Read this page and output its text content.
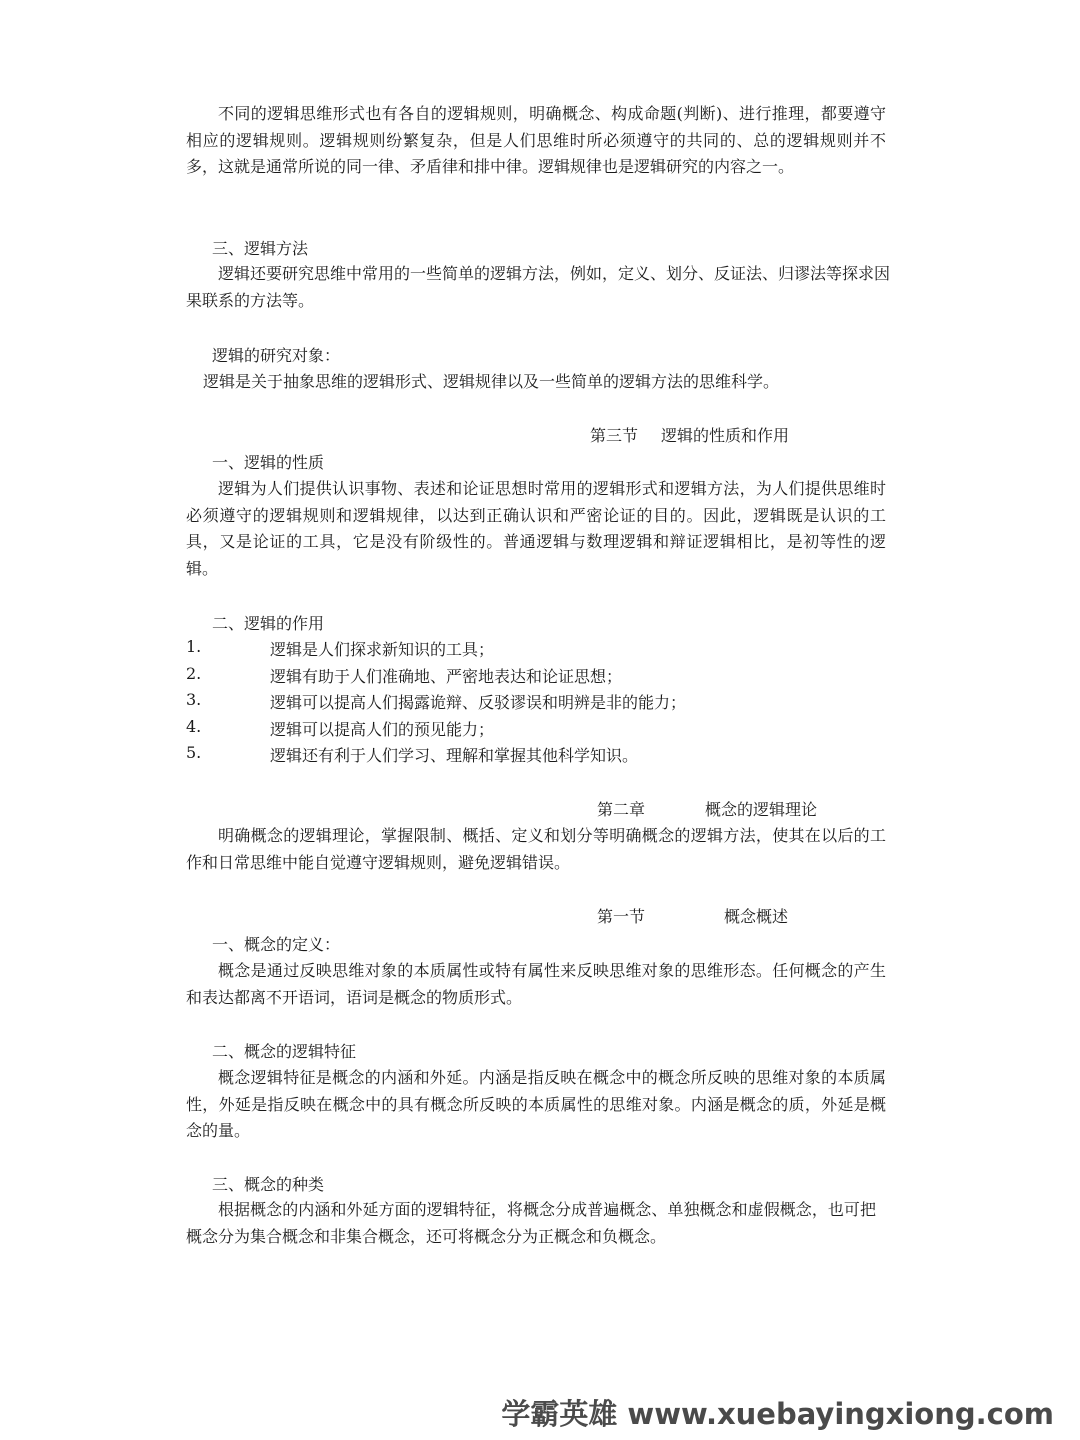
不同的逻辑思维形式也有各自的逻辑规则，明确概念、构成命题(判断)、进行推理，都要遵守相应的逻辑规则。逻辑规则纷繁复杂，但是人们思维时所必须遵守的共同的、总的逻辑规则并不多，这就是通常所说的同一律、矛盾律和排中律。逻辑规律也是逻辑研究的内容之一。

三、逻辑方法

逻辑还要研究思维中常用的一些简单的逻辑方法，例如，定义、划分、反证法、归谬法等探求因果联系的方法等。

逻辑的研究对象：

逻辑是关于抽象思维的逻辑形式、逻辑规律以及一些简单的逻辑方法的思维科学。

第三节 逻辑的性质和作用

一、逻辑的性质

逻辑为人们提供认识事物、表述和论证思想时常用的逻辑形式和逻辑方法，为人们提供思维时必须遵守的逻辑规则和逻辑规律，以达到正确认识和严密论证的目的。因此，逻辑既是认识的工具，又是论证的工具，它是没有阶级性的。普通逻辑与数理逻辑和辩证逻辑相比，是初等性的逻辑。

二、逻辑的作用

1.	逻辑是人们探求新知识的工具；

2.	逻辑有助于人们准确地、严密地表达和论证思想；

3.	逻辑可以提高人们揭露诡辩、反驳谬误和明辨是非的能力；

4.	逻辑可以提高人们的预见能力；

5.	逻辑还有利于人们学习、理解和掌握其他科学知识。

第二章	概念的逻辑理论

明确概念的逻辑理论，掌握限制、概括、定义和划分等明确概念的逻辑方法，使其在以后的工作和日常思维中能自觉遵守逻辑规则，避免逻辑错误。

第一节	概念概述

一、概念的定义：

概念是通过反映思维对象的本质属性或特有属性来反映思维对象的思维形态。任何概念的产生和表达都离不开语词，语词是概念的物质形式。

二、概念的逻辑特征

概念逻辑特征是概念的内涵和外延。内涵是指反映在概念中的概念所反映的思维对象的本质属性，外延是指反映在概念中的具有概念所反映的本质属性的思维对象。内涵是概念的质，外延是概念的量。

三、概念的种类

根据概念的内涵和外延方面的逻辑特征，将概念分成普遍概念、单独概念和虚假概念，也可把概念分为集合概念和非集合概念，还可将概念分为正概念和负概念。

学霸英雄 www.xuebayingxiong.com
